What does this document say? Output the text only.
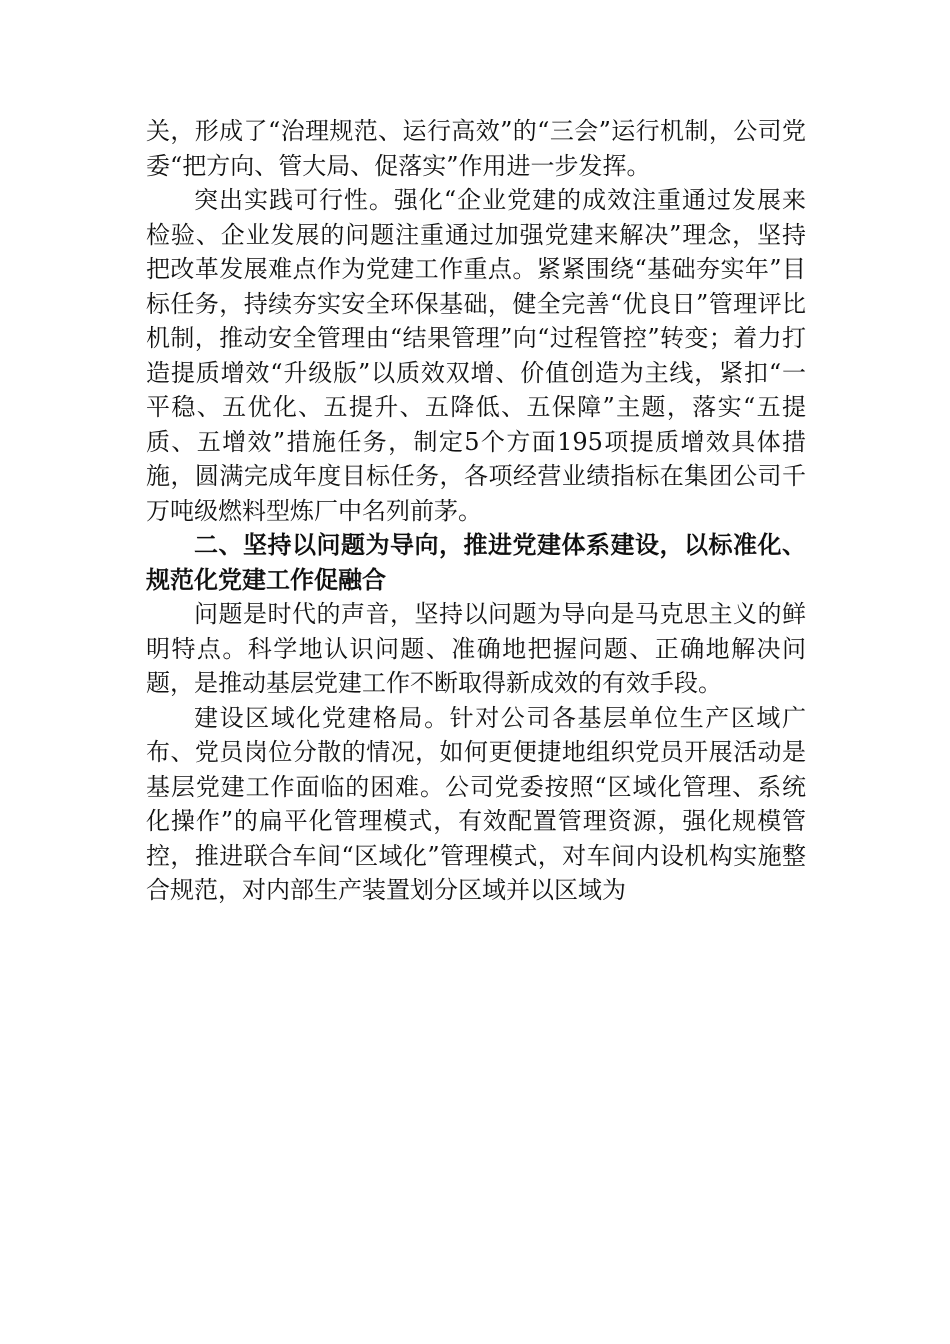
关，形成了“治理规范、运行高效”的“三会”运行机制，公司党委“把方向、管大局、促落实”作用进一步发挥。

突出实践可行性。强化“企业党建的成效注重通过发展来检验、企业发展的问题注重通过加强党建来解决”理念，坚持把改革发展难点作为党建工作重点。紧紧围绕“基础夯实年”目标任务，持续夯实安全环保基础，健全完善“优良日”管理评比机制，推动安全管理由“结果管理”向“过程管控”转变；着力打造提质增效“升级版”以质效双增、价值创造为主线，紧扣“一平稳、五优化、五提升、五降低、五保障”主题，落实“五提质、五增效”措施任务，制定5个方面195项提质增效具体措施，圆满完成年度目标任务，各项经营业绩指标在集团公司千万吨级燃料型炼厂中名列前茅。

二、坚持以问题为导向，推进党建体系建设，以标准化、规范化党建工作促融合

问题是时代的声音，坚持以问题为导向是马克思主义的鲜明特点。科学地认识问题、准确地把握问题、正确地解决问题，是推动基层党建工作不断取得新成效的有效手段。

建设区域化党建格局。针对公司各基层单位生产区域广布、党员岗位分散的情况，如何更便捷地组织党员开展活动是基层党建工作面临的困难。公司党委按照“区域化管理、系统化操作”的扁平化管理模式，有效配置管理资源，强化规模管控，推进联合车间“区域化”管理模式，对车间内设机构实施整合规范，对内部生产装置划分区域并以区域为
